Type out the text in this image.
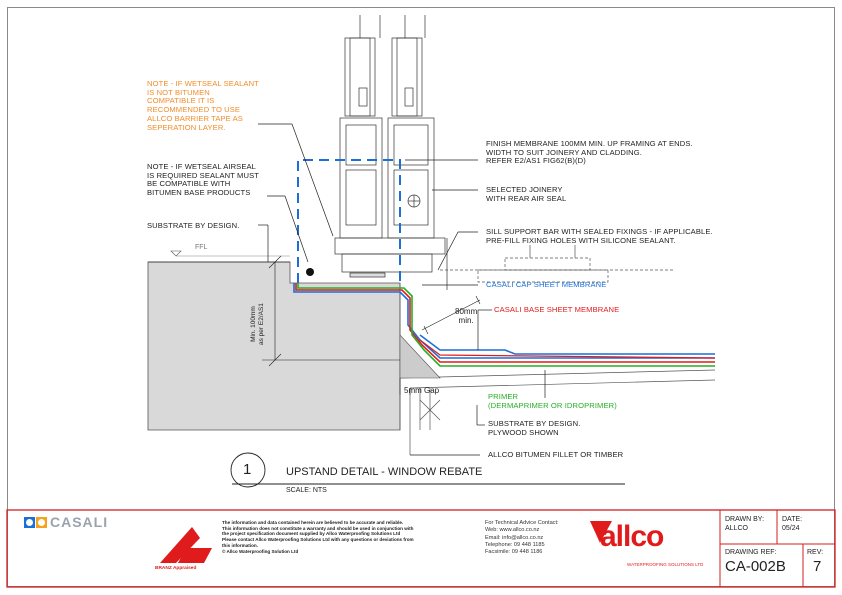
NOTE - IF WETSEAL SEALANT
IS NOT BITUMEN
COMPATIBLE IT IS
RECOMMENDED TO USE
ALLCO BARRIER TAPE AS
SEPERATION LAYER.
NOTE - IF WETSEAL AIRSEAL
IS REQUIRED SEALANT MUST
BE COMPATIBLE WITH
BITUMEN BASE PRODUCTS
SUBSTRATE BY DESIGN.
FFL
FINISH MEMBRANE 100MM MIN. UP FRAMING AT ENDS.
WIDTH TO SUIT JOINERY AND CLADDING.
REFER E2/AS1 FIG62(B)(D)
SELECTED JOINERY
WITH REAR AIR SEAL
SILL SUPPORT BAR WITH SEALED FIXINGS - IF APPLICABLE.
PRE-FILL FIXING HOLES WITH SILICONE SEALANT.
CASALI CAP SHEET MEMBRANE
CASALI BASE SHEET MEMBRANE
80mm
min.
Min. 100mm
as per E2/AS1
5mm Gap
PRIMER
(DERMAPRIMER OR IDROPRIMER)
SUBSTRATE BY DESIGN.
PLYWOOD SHOWN
ALLCO BITUMEN FILLET OR TIMBER
1	UPSTAND DETAIL - WINDOW REBATE
SCALE: NTS
CASALI
BRANZ Appraised
The information and data contained herein are believed to be accurate and reliable.
This information does not constitute a warranty and should be used in conjunction with
the project specification document supplied by Allco Waterproofing Solutions Ltd
Please contact Allco Waterproofing Solutions Ltd with any questions or deviations from
this information.
© Allco Waterproofing Solution Ltd
For Technical Advice Contact:
Web: www.allco.co.nz
Email: info@allco.co.nz
Telephone: 09 448 1185
Facsimile: 09 448 1186	allco
WATERPROOFING SOLUTIONS LTD
DRAWN BY:
ALLCO
DATE:
05/24
DRAWING REF:
CA-002B
REV:
7
